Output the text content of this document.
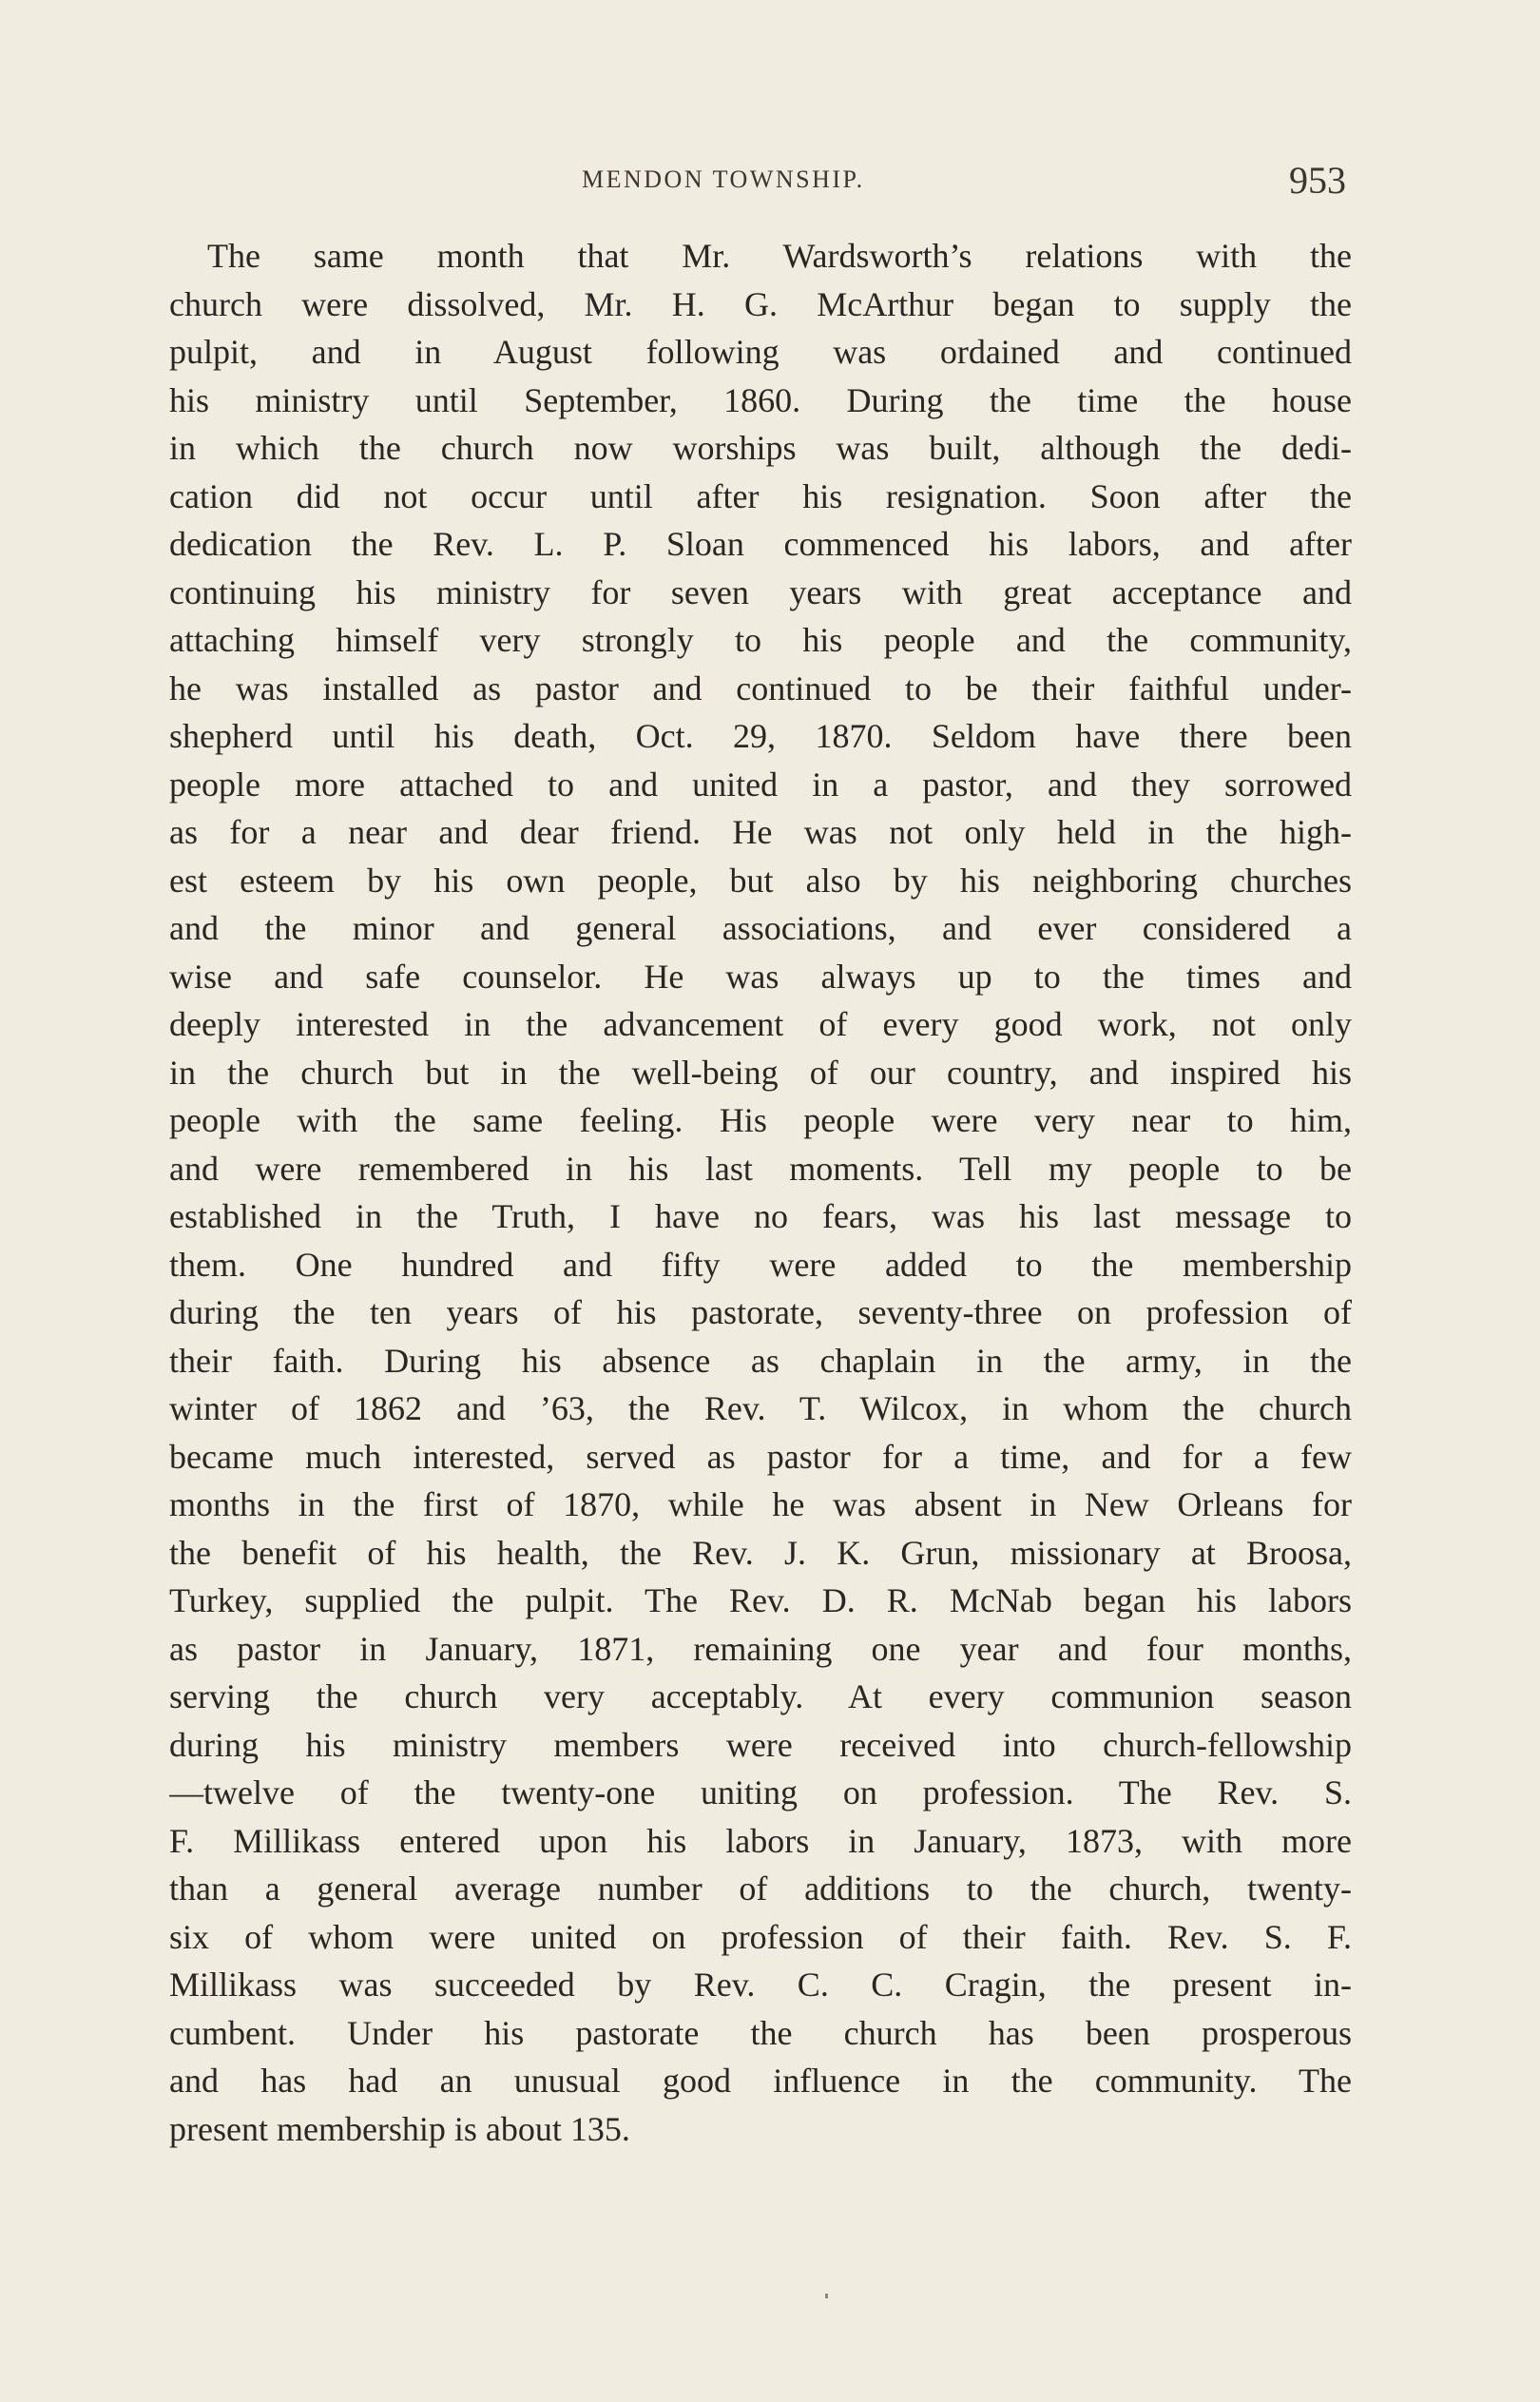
MENDON TOWNSHIP.	953
The same month that Mr. Wardsworth’s relations with the
church were dissolved, Mr. H. G. McArthur began to supply the
pulpit, and in August following was ordained and continued
his ministry until September, 1860. During the time the house
in which the church now worships was built, although the dedi-
cation did not occur until after his resignation. Soon after the
dedication the Rev. L. P. Sloan commenced his labors, and after
continuing his ministry for seven years with great acceptance and
attaching himself very strongly to his people and the community,
he was installed as pastor and continued to be their faithful under-
shepherd until his death, Oct. 29, 1870. Seldom have there been
people more attached to and united in a pastor, and they sorrowed
as for a near and dear friend. He was not only held in the high-
est esteem by his own people, but also by his neighboring churches
and the minor and general associations, and ever considered a
wise and safe counselor. He was always up to the times and
deeply interested in the advancement of every good work, not only
in the church but in the well-being of our country, and inspired his
people with the same feeling. His people were very near to him,
and were remembered in his last moments. Tell my people to be
established in the Truth, I have no fears, was his last message to
them. One hundred and fifty were added to the membership
during the ten years of his pastorate, seventy-three on profession of
their faith. During his absence as chaplain in the army, in the
winter of 1862 and ’63, the Rev. T. Wilcox, in whom the church
became much interested, served as pastor for a time, and for a few
months in the first of 1870, while he was absent in New Orleans for
the benefit of his health, the Rev. J. K. Grun, missionary at Broosa,
Turkey, supplied the pulpit. The Rev. D. R. McNab began his labors
as pastor in January, 1871, remaining one year and four months,
serving the church very acceptably. At every communion season
during his ministry members were received into church-fellowship
—twelve of the twenty-one uniting on profession. The Rev. S.
F. Millikass entered upon his labors in January, 1873, with more
than a general average number of additions to the church, twenty-
six of whom were united on profession of their faith. Rev. S. F.
Millikass was succeeded by Rev. C. C. Cragin, the present in-
cumbent. Under his pastorate the church has been prosperous
and has had an unusual good influence in the community. The
present membership is about 135.
